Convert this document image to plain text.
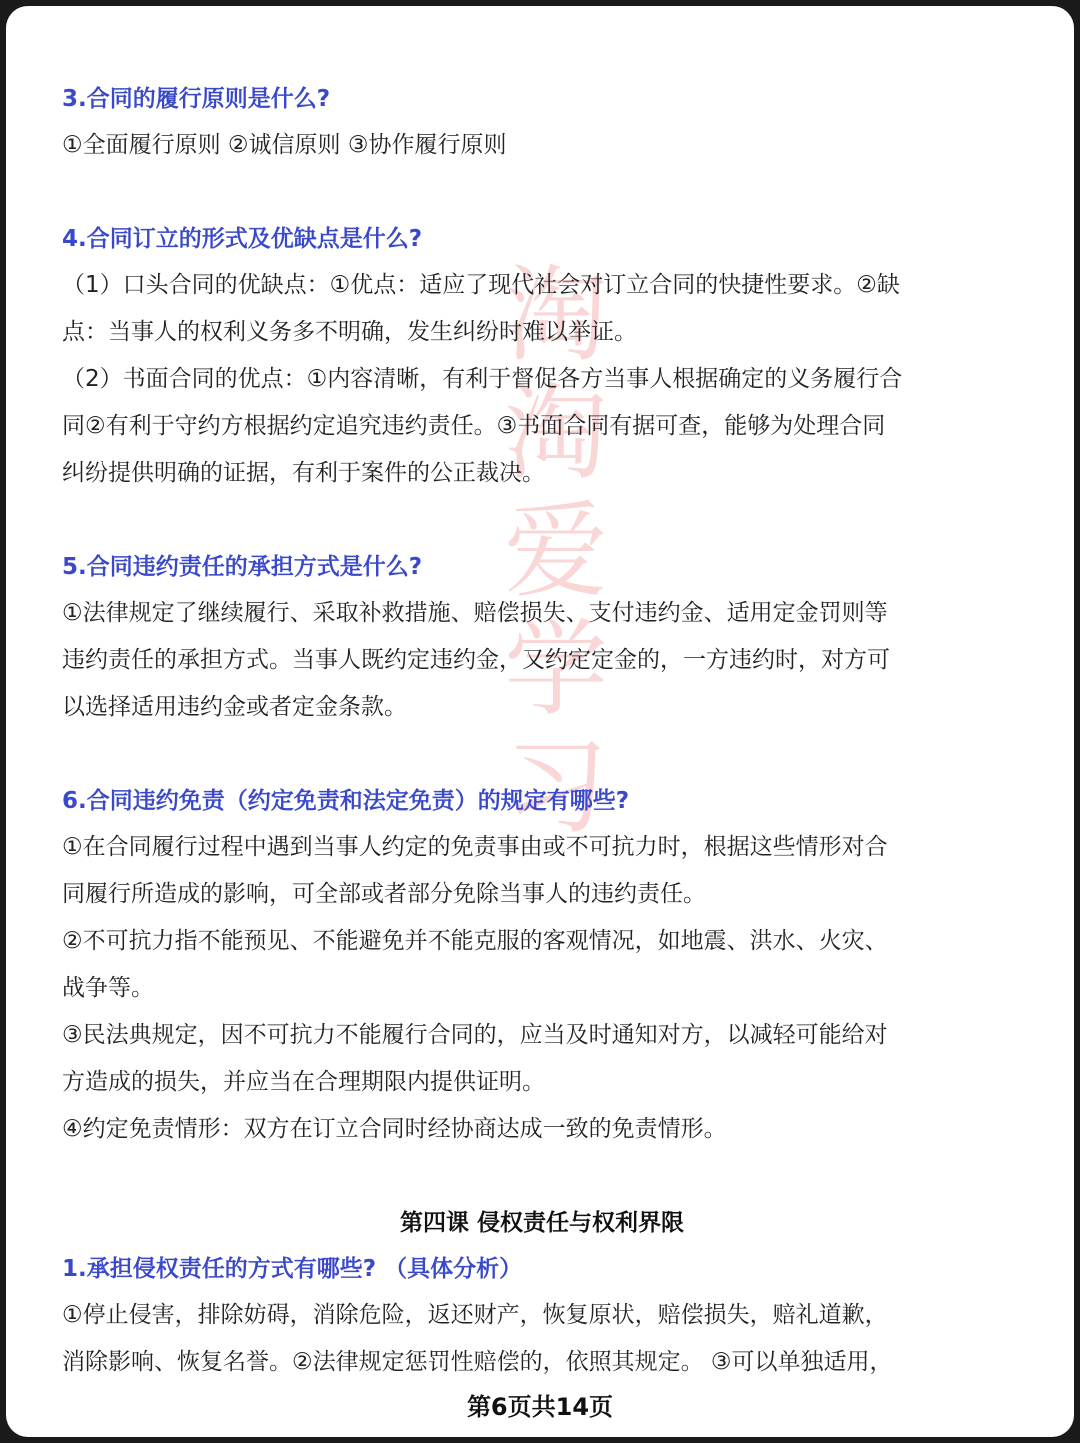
淘
淘
爱
学
习
3.合同的履行原则是什么?
①全面履行原则 ②诚信原则 ③协作履行原则
4.合同订立的形式及优缺点是什么?
（1）口头合同的优缺点：①优点：适应了现代社会对订立合同的快捷性要求。②缺
点：当事人的权利义务多不明确，发生纠纷时难以举证。
（2）书面合同的优点：①内容清晰，有利于督促各方当事人根据确定的义务履行合
同②有利于守约方根据约定追究违约责任。③书面合同有据可查，能够为处理合同
纠纷提供明确的证据，有利于案件的公正裁决。
5.合同违约责任的承担方式是什么?
①法律规定了继续履行、采取补救措施、赔偿损失、支付违约金、适用定金罚则等
违约责任的承担方式。当事人既约定违约金，又约定定金的，一方违约时，对方可
以选择适用违约金或者定金条款。
6.合同违约免责（约定免责和法定免责）的规定有哪些?
①在合同履行过程中遇到当事人约定的免责事由或不可抗力时，根据这些情形对合
同履行所造成的影响，可全部或者部分免除当事人的违约责任。
②不可抗力指不能预见、不能避免并不能克服的客观情况，如地震、洪水、火灾、
战争等。
③民法典规定，因不可抗力不能履行合同的，应当及时通知对方，以减轻可能给对
方造成的损失，并应当在合理期限内提供证明。
④约定免责情形：双方在订立合同时经协商达成一致的免责情形。
第四课 侵权责任与权利界限
1.承担侵权责任的方式有哪些? （具体分析）
①停止侵害，排除妨碍，消除危险，返还财产，恢复原状，赔偿损失，赔礼道歉，
消除影响、恢复名誉。②法律规定惩罚性赔偿的，依照其规定。 ③可以单独适用，
第6页共14页
